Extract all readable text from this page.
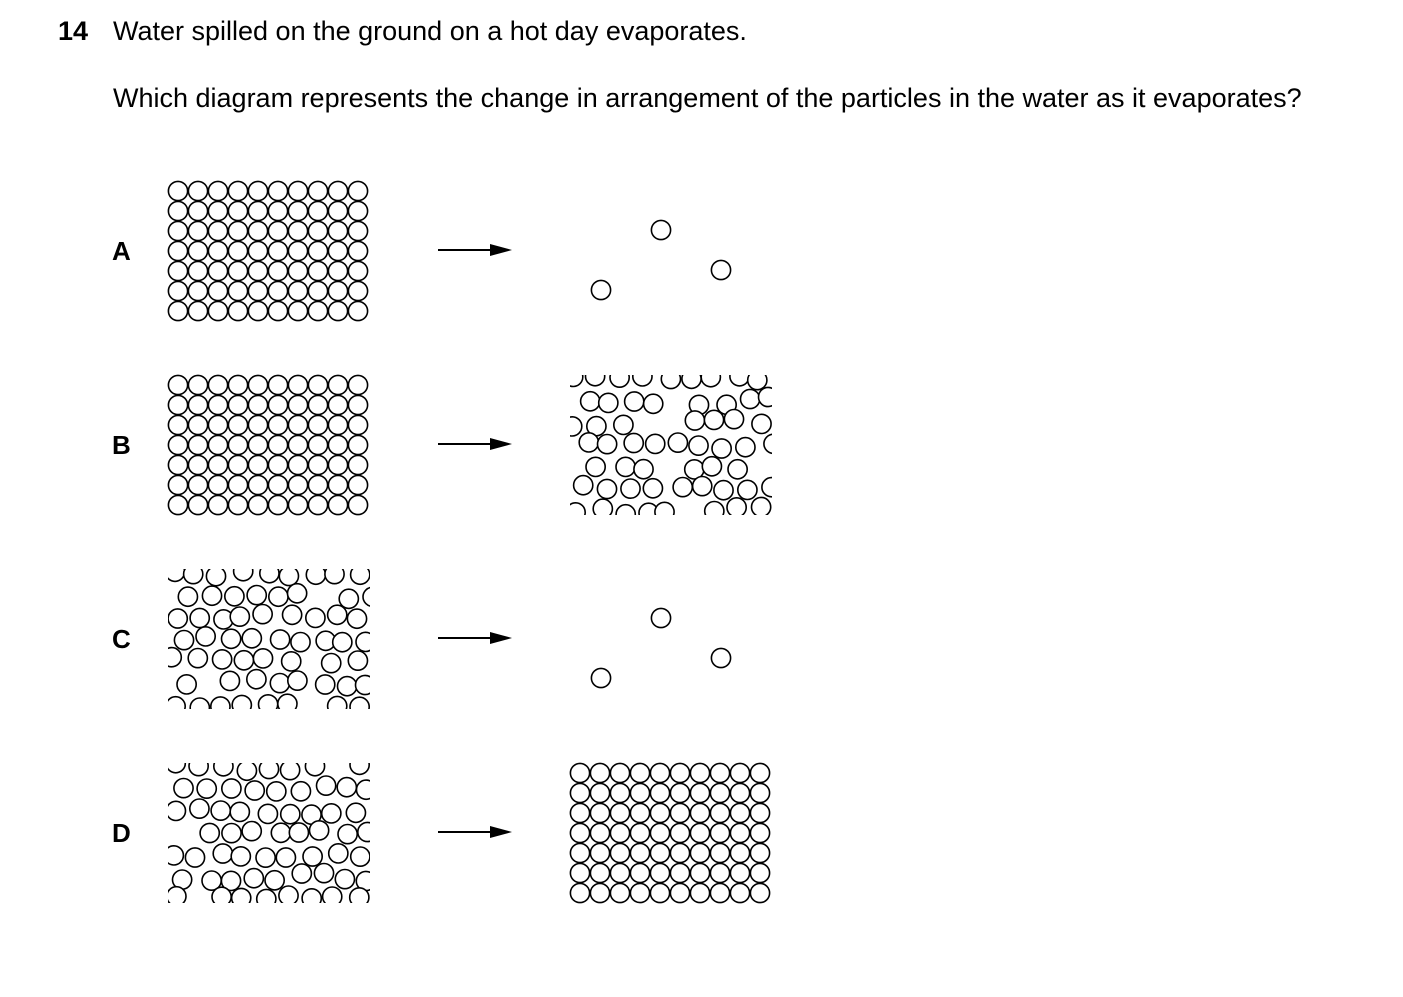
14 Water spilled on the ground on a hot day evaporates.
Which diagram represents the change in arrangement of the particles in the water as it evaporates?
A
B
C
D
